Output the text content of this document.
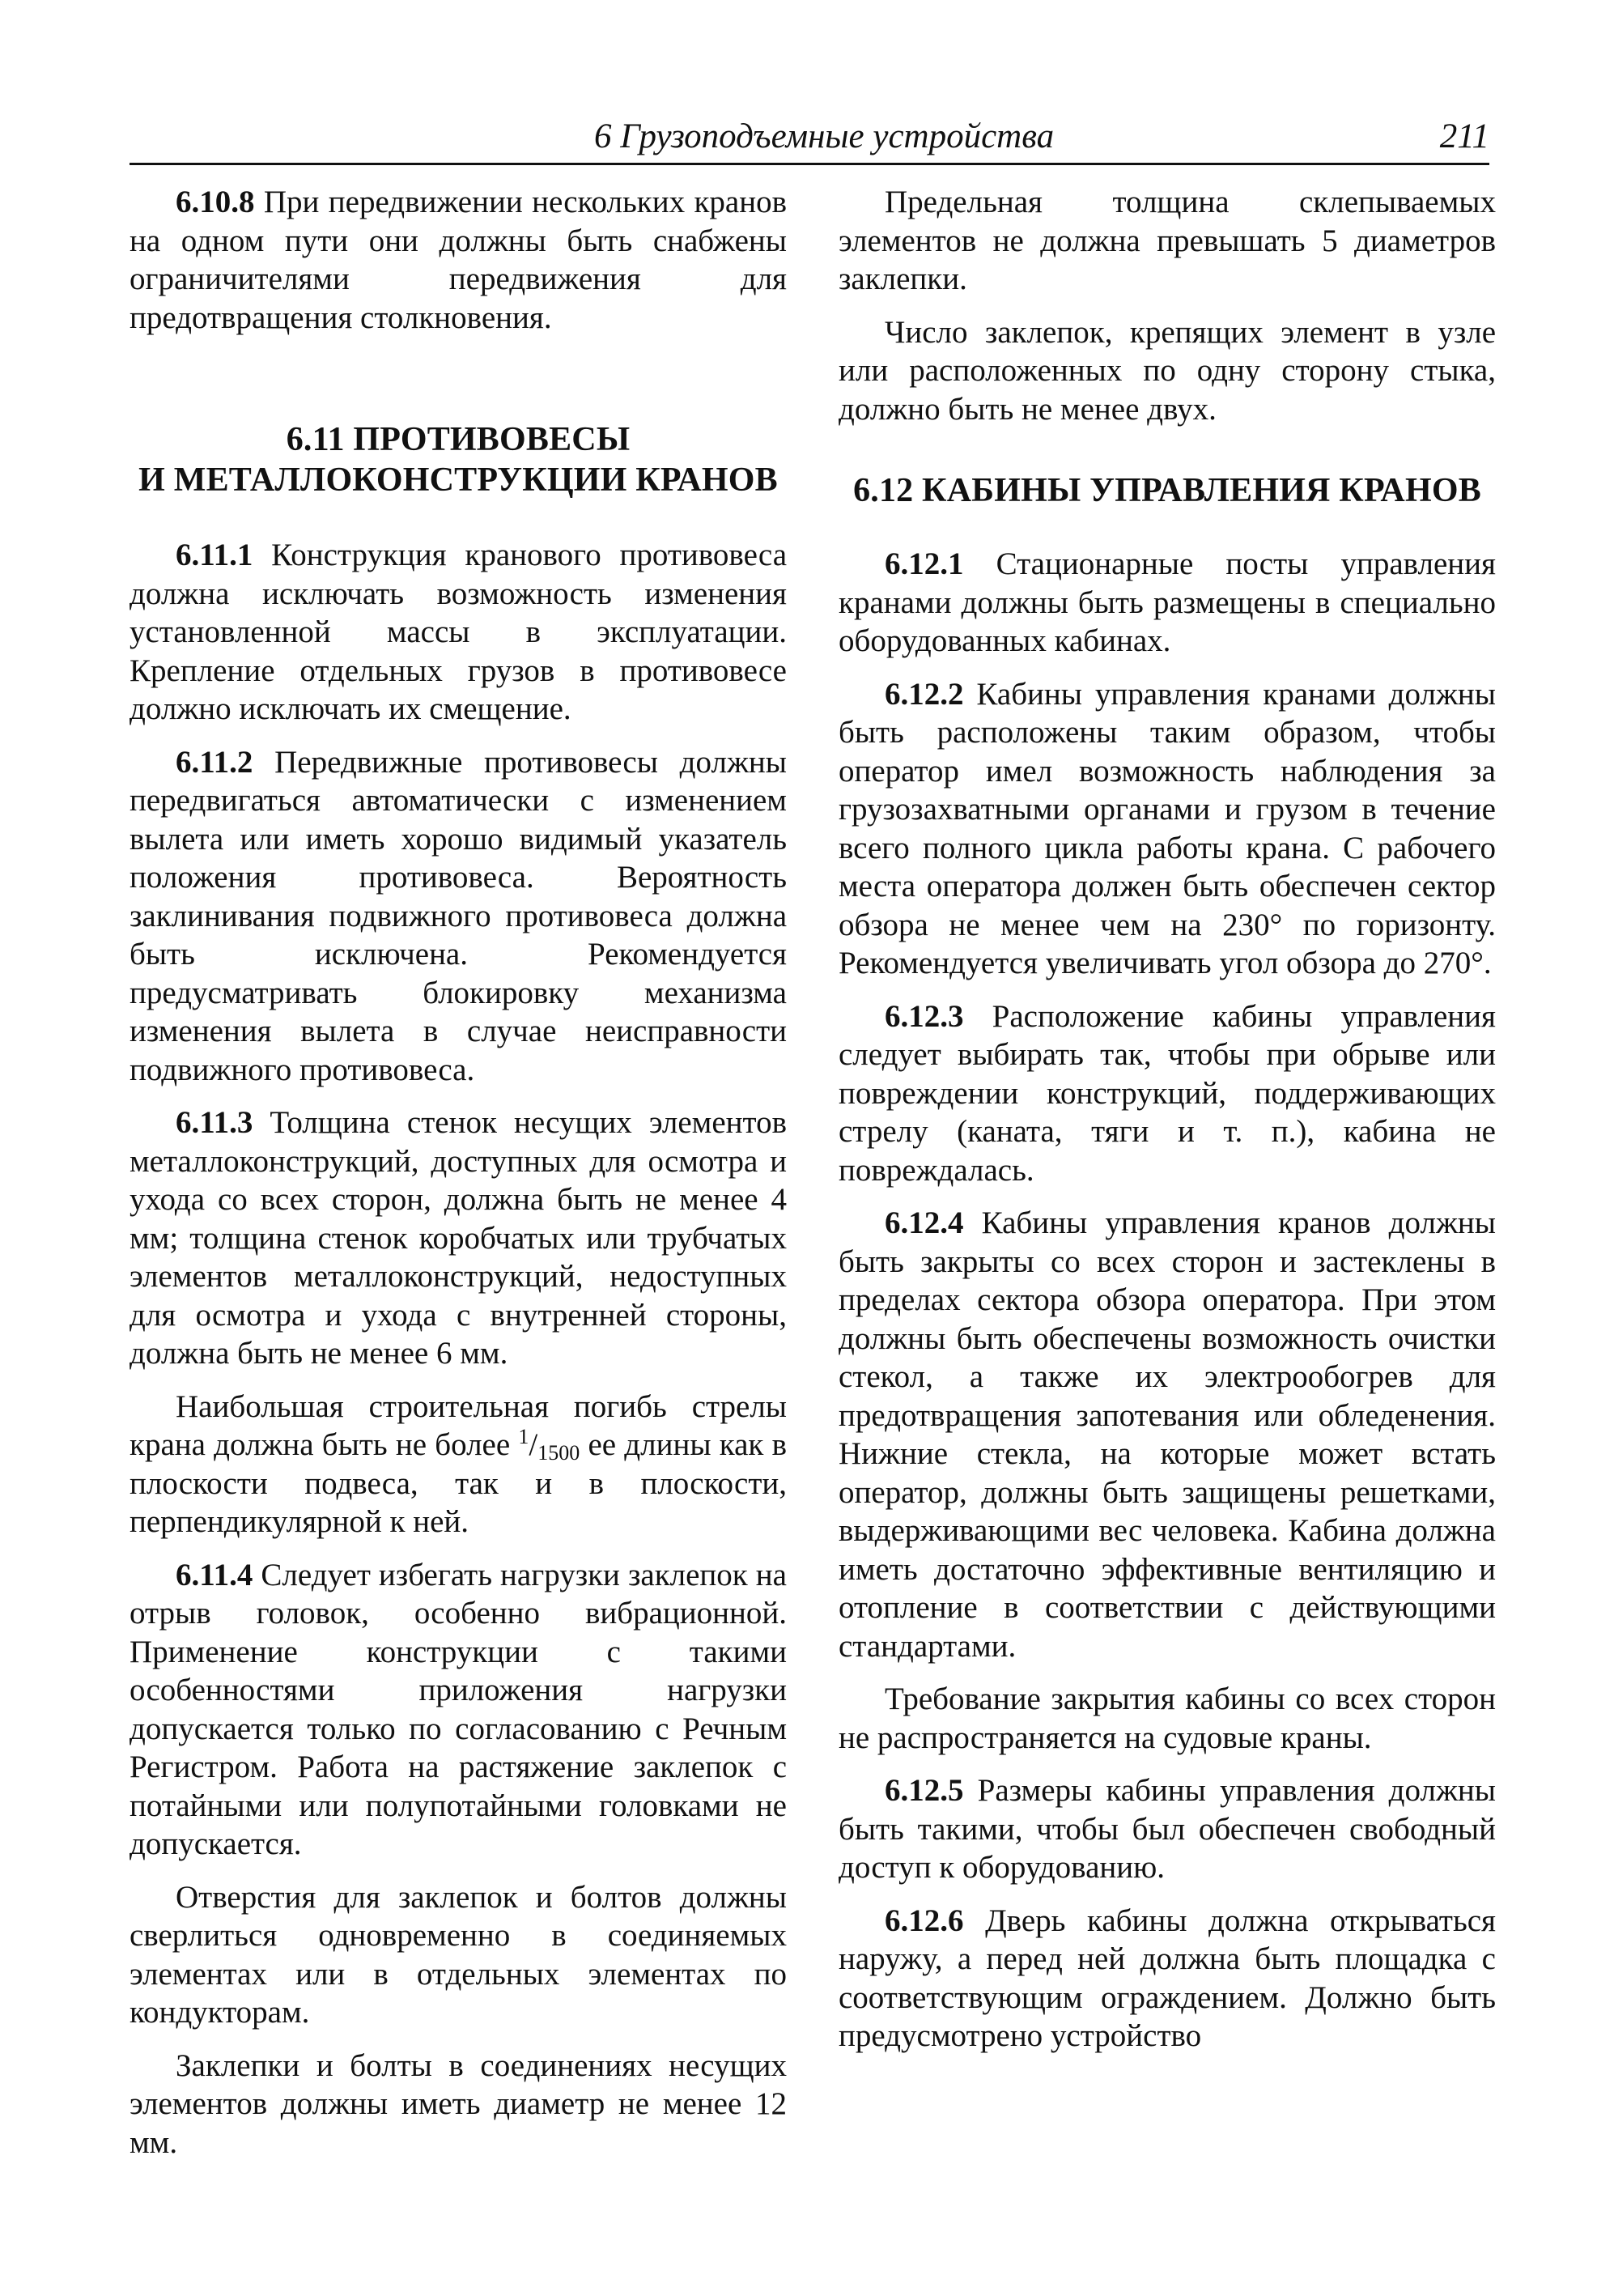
6 Грузоподъемные устройства	211

6.10.8 При передвижении нескольких кранов на одном пути они должны быть снабжены ограничителями передвижения для предотвращения столкновения.

6.11 ПРОТИВОВЕСЫ
И МЕТАЛЛОКОНСТРУКЦИИ КРАНОВ

6.11.1 Конструкция кранового противовеса должна исключать возможность изменения установленной массы в эксплуатации. Крепление отдельных грузов в противовесе должно исключать их смещение.

6.11.2 Передвижные противовесы должны передвигаться автоматически с изменением вылета или иметь хорошо видимый указатель положения противовеса. Вероятность заклинивания подвижного противовеса должна быть исключена. Рекомендуется предусматривать блокировку механизма изменения вылета в случае неисправности подвижного противовеса.

6.11.3 Толщина стенок несущих элементов металлоконструкций, доступных для осмотра и ухода со всех сторон, должна быть не менее 4 мм; толщина стенок коробчатых или трубчатых элементов металлоконструкций, недоступных для осмотра и ухода с внутренней стороны, должна быть не менее 6 мм.

Наибольшая строительная погибь стрелы крана должна быть не более $^1/_{1500}$ ее длины как в плоскости подвеса, так и в плоскости, перпендикулярной к ней.

6.11.4 Следует избегать нагрузки заклепок на отрыв головок, особенно вибрационной. Применение конструкции с такими особенностями приложения нагрузки допускается только по согласованию с Речным Регистром. Работа на растяжение заклепок с потайными или полупотайными головками не допускается.

Отверстия для заклепок и болтов должны сверлиться одновременно в соединяемых элементах или в отдельных элементах по кондукторам.

Заклепки и болты в соединениях несущих элементов должны иметь диаметр не менее 12 мм.

Предельная толщина склепываемых элементов не должна превышать 5 диаметров заклепки.

Число заклепок, крепящих элемент в узле или расположенных по одну сторону стыка, должно быть не менее двух.

6.12 КАБИНЫ УПРАВЛЕНИЯ КРАНОВ

6.12.1 Стационарные посты управления кранами должны быть размещены в специально оборудованных кабинах.

6.12.2 Кабины управления кранами должны быть расположены таким образом, чтобы оператор имел возможность наблюдения за грузозахватными органами и грузом в течение всего полного цикла работы крана. С рабочего места оператора должен быть обеспечен сектор обзора не менее чем на 230° по горизонту. Рекомендуется увеличивать угол обзора до 270°.

6.12.3 Расположение кабины управления следует выбирать так, чтобы при обрыве или повреждении конструкций, поддерживающих стрелу (каната, тяги и т. п.), кабина не повреждалась.

6.12.4 Кабины управления кранов должны быть закрыты со всех сторон и застеклены в пределах сектора обзора оператора. При этом должны быть обеспечены возможность очистки стекол, а также их электрообогрев для предотвращения запотевания или обледенения. Нижние стекла, на которые может встать оператор, должны быть защищены решетками, выдерживающими вес человека. Кабина должна иметь достаточно эффективные вентиляцию и отопление в соответствии с действующими стандартами.

Требование закрытия кабины со всех сторон не распространяется на судовые краны.

6.12.5 Размеры кабины управления должны быть такими, чтобы был обеспечен свободный доступ к оборудованию.

6.12.6 Дверь кабины должна открываться наружу, а перед ней должна быть площадка с соответствующим ограждением. Должно быть предусмотрено устройство
